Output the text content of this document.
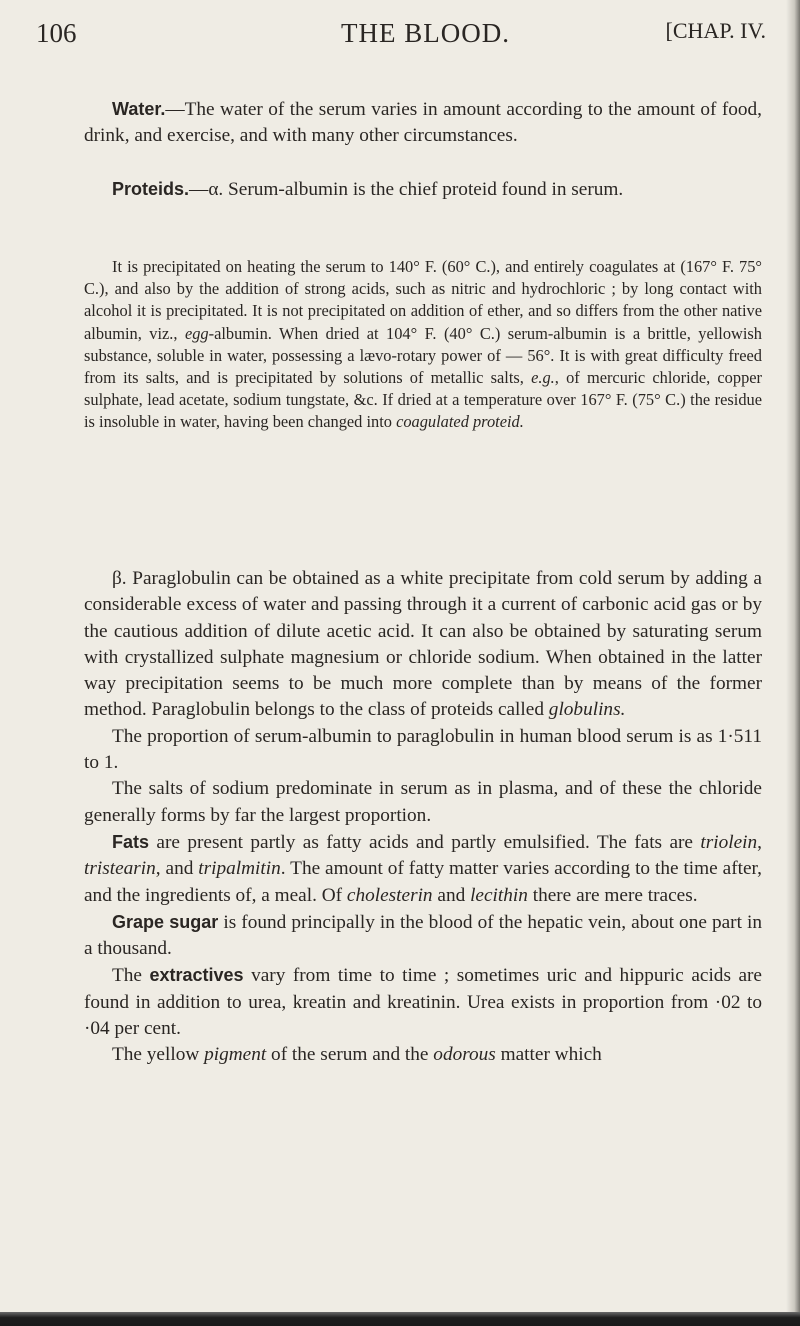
106	THE BLOOD.	[CHAP. IV.

Water.—The water of the serum varies in amount according to the amount of food, drink, and exercise, and with many other circumstances.

Proteids.—α. Serum-albumin is the chief proteid found in serum.

It is precipitated on heating the serum to 140° F. (60° C.), and entirely coagulates at (167° F. 75° C.), and also by the addition of strong acids, such as nitric and hydrochloric ; by long contact with alcohol it is precipitated. It is not precipitated on addition of ether, and so differs from the other native albumin, viz., egg-albumin. When dried at 104° F. (40° C.) serum-albumin is a brittle, yellowish substance, soluble in water, possessing a lævo-rotary power of — 56°. It is with great difficulty freed from its salts, and is precipitated by solutions of metallic salts, e.g., of mercuric chloride, copper sulphate, lead acetate, sodium tungstate, &c. If dried at a temperature over 167° F. (75° C.) the residue is insoluble in water, having been changed into coagulated proteid.

β. Paraglobulin can be obtained as a white precipitate from cold serum by adding a considerable excess of water and passing through it a current of carbonic acid gas or by the cautious addition of dilute acetic acid. It can also be obtained by saturating serum with crystallized sulphate magnesium or chloride sodium. When obtained in the latter way precipitation seems to be much more complete than by means of the former method. Paraglobulin belongs to the class of proteids called globulins.

The proportion of serum-albumin to paraglobulin in human blood serum is as 1·511 to 1.

The salts of sodium predominate in serum as in plasma, and of these the chloride generally forms by far the largest proportion.

Fats are present partly as fatty acids and partly emulsified. The fats are triolein, tristearin, and tripalmitin. The amount of fatty matter varies according to the time after, and the ingredients of, a meal. Of cholesterin and lecithin there are mere traces.

Grape sugar is found principally in the blood of the hepatic vein, about one part in a thousand.

The extractives vary from time to time ; sometimes uric and hippuric acids are found in addition to urea, kreatin and kreatinin. Urea exists in proportion from ·02 to ·04 per cent.

The yellow pigment of the serum and the odorous matter which
